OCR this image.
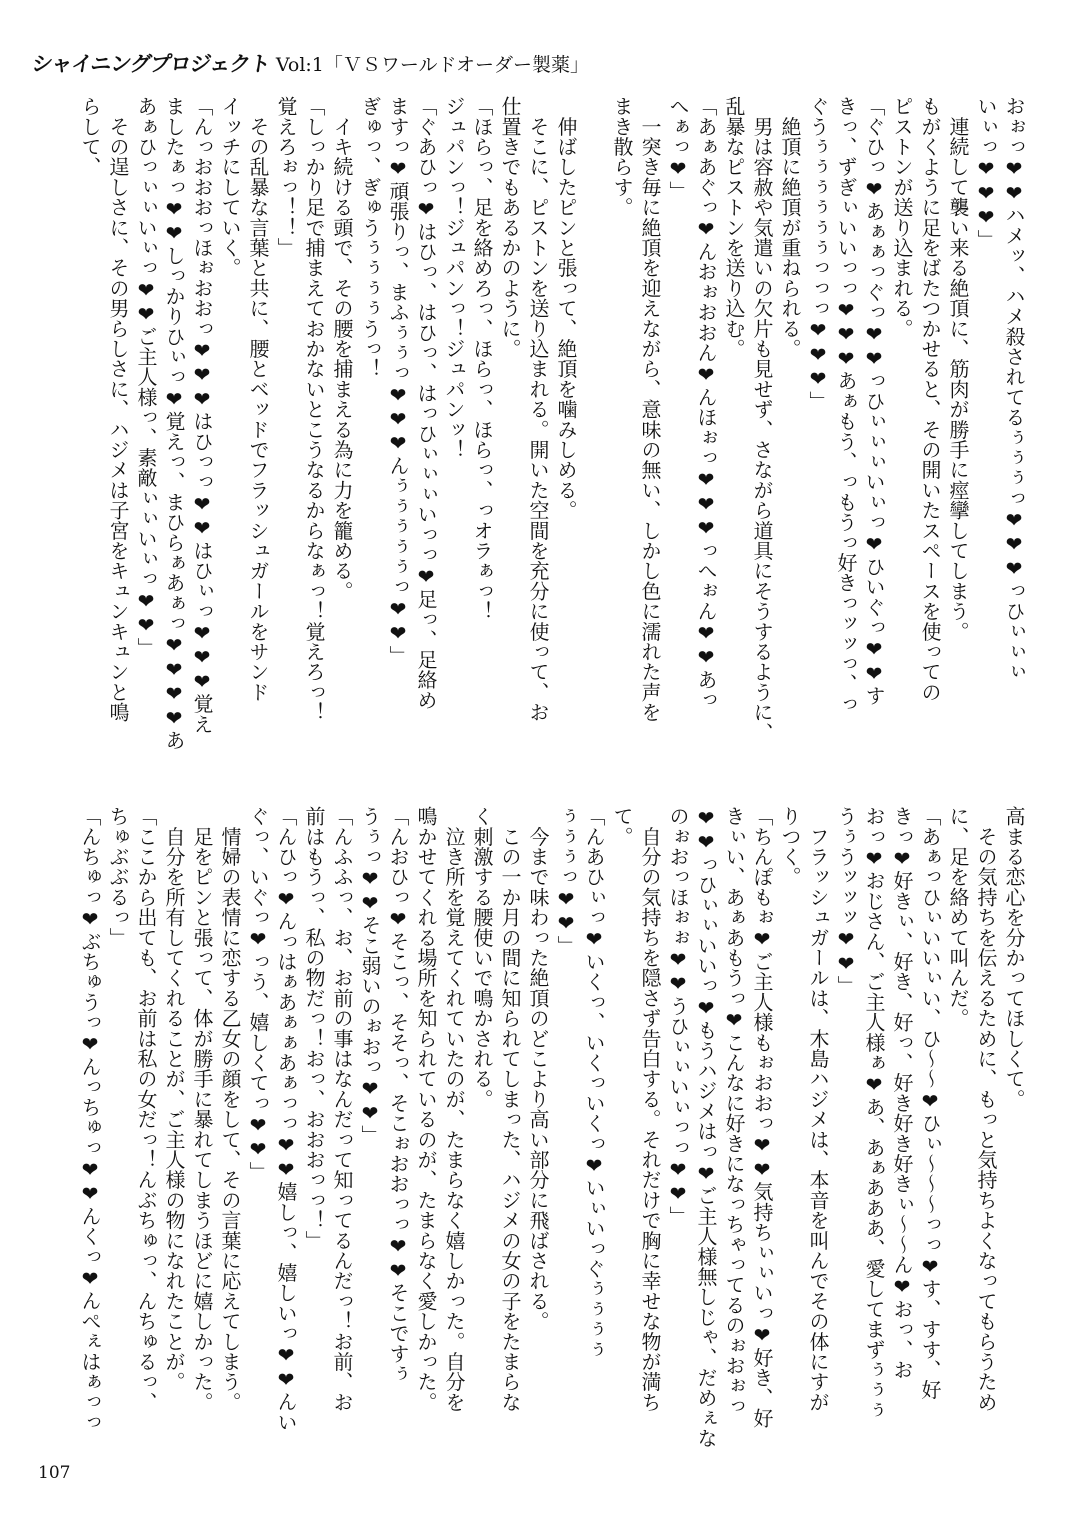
シャイニングプロジェクト Vol:1「ＶＳワールドオーダー製薬」
おぉっ❤❤ハメッ、ハメ殺されてるぅぅぅっ❤❤❤っひぃぃぃ
いぃっ❤❤❤」
　連続して襲い来る絶頂に、筋肉が勝手に痙攣してしまう。
もがくように足をばたつかせると、その開いたスペースを使っての
ピストンが送り込まれる。
「ぐひっ❤あぁぁっぐっ❤❤っひぃぃぃいぃっ❤ひいぐっ❤❤す
きっ、ずぎぃいいっっ❤❤❤あぁもう、っもうっ好きっッッっ、っ
ぐうぅぅぅぅぅぅっっっ❤❤❤」
　絶頂に絶頂が重ねられる。
　男は容赦や気遣いの欠片も見せず、さながら道具にそうするように、
乱暴なピストンを送り込む。
「あぁあぐっ❤んおぉおおん❤んほぉっ❤❤❤っへぉん❤❤あっ
へぁっ❤」
　一突き毎に絶頂を迎えながら、意味の無い、しかし色に濡れた声を
まき散らす。

　伸ばしたピンと張って、絶頂を噛みしめる。
　そこに、ピストンを送り込まれる。開いた空間を充分に使って、お
仕置きでもあるかのように。
「ほらっ、足を絡めろっ、ほらっ、ほらっ、っオラぁっ！
ジュパンっ！ジュパンっ！ジュパンッ！
「ぐあひっ❤はひっ、はひっ、はっひぃぃぃいっっ❤足っ、足絡め
ますっ❤頑張りっ、まふぅぅっ❤❤❤んぅぅぅぅぅっ❤❤」
ぎゅっ、ぎゅうぅぅぅぅうっ！
　イキ続ける頭で、その腰を捕まえる為に力を籠める。
「しっかり足で捕まえておかないとこうなるからなぁっ！覚えろっ！
覚えろぉっ！！」
　その乱暴な言葉と共に、腰とベッドでフラッシュガールをサンド
イッチにしていく。
「んっおおおっほぉおおっ❤❤❤はひっっ❤❤はひぃっ❤❤❤覚え
ましたぁっ❤❤しっかりひぃっ❤覚えっ、まひらぁあぁっ❤❤❤❤あ
あぁひっぃぃいぃっ❤❤ご主人様っ、素敵ぃぃいぃっ❤❤」
　その逞しさに、その男らしさに、ハジメは子宮をキュンキュンと鳴
らして、
高まる恋心を分かってほしくて。
　その気持ちを伝えるために、もっと気持ちよくなってもらうため
に、足を絡めて叫んだ。
「あぁっひぃいいぃい、ひ〜〜❤ひぃ〜〜〜っっ❤す、すす、好
きっ❤好きぃ、好き、好っ、好き好き好きぃ〜〜ん❤おっ、お
おっ❤おじさん、ご主人様ぁ❤あ、あぁあああ、愛してまずぅぅぅ
うぅうッッッ❤❤」
　フラッシュガールは、木島ハジメは、本音を叫んでその体にすが
りつく。
「ちんぽもぉ❤ご主人様もぉおおっ❤❤気持ちぃぃいっ❤好き、好
きぃい、あぁあもうっ❤こんなに好きになっちゃってるのぉおぉっ
❤❤っひぃぃいいっ❤もうハジメはっ❤ご主人様無しじゃ、だめぇな
のぉおっほぉぉ❤❤うひぃぃいぃっっ❤❤」
　自分の気持ちを隠さず告白する。それだけで胸に幸せな物が満ち
て。
「んあひぃっ❤いくっ、いくっいくっ❤いぃいっぐぅぅぅぅ
ぅぅぅっ❤❤」
　今まで味わった絶頂のどこより高い部分に飛ばされる。
　この一か月の間に知られてしまった、ハジメの女の子をたまらな
く刺激する腰使いで鳴かされる。
　泣き所を覚えてくれていたのが、たまらなく嬉しかった。自分を
鳴かせてくれる場所を知られているのが、たまらなく愛しかった。
「んおひっ❤そこっ、そそっ、そこぉおおっっ❤❤そこですぅ
うぅっ❤❤そこ弱いのぉおっ❤❤」
「んふふっ、お、お前の事はなんだって知ってるんだっ！お前、お
前はもうっ、私の物だっ！おっ、おおおっっ！」
「んひっ❤んっはぁあぁぁあぁっっ❤❤嬉しっ、嬉しいっ❤❤んい
ぐっ、いぐっ❤っう、嬉しくてっ❤❤」
　情婦の表情に恋する乙女の顔をして、その言葉に応えてしまう。
　足をピンと張って、体が勝手に暴れてしまうほどに嬉しかった。
　自分を所有してくれることが、ご主人様の物になれたことが。
「ここから出ても、お前は私の女だっ！んぶちゅっ、んちゅるっ、
ちゅぶぶるっ」
「んちゅっ❤ぶちゅうっ❤んっちゅっ❤❤んくっ❤んぺぇはぁっっ
107
